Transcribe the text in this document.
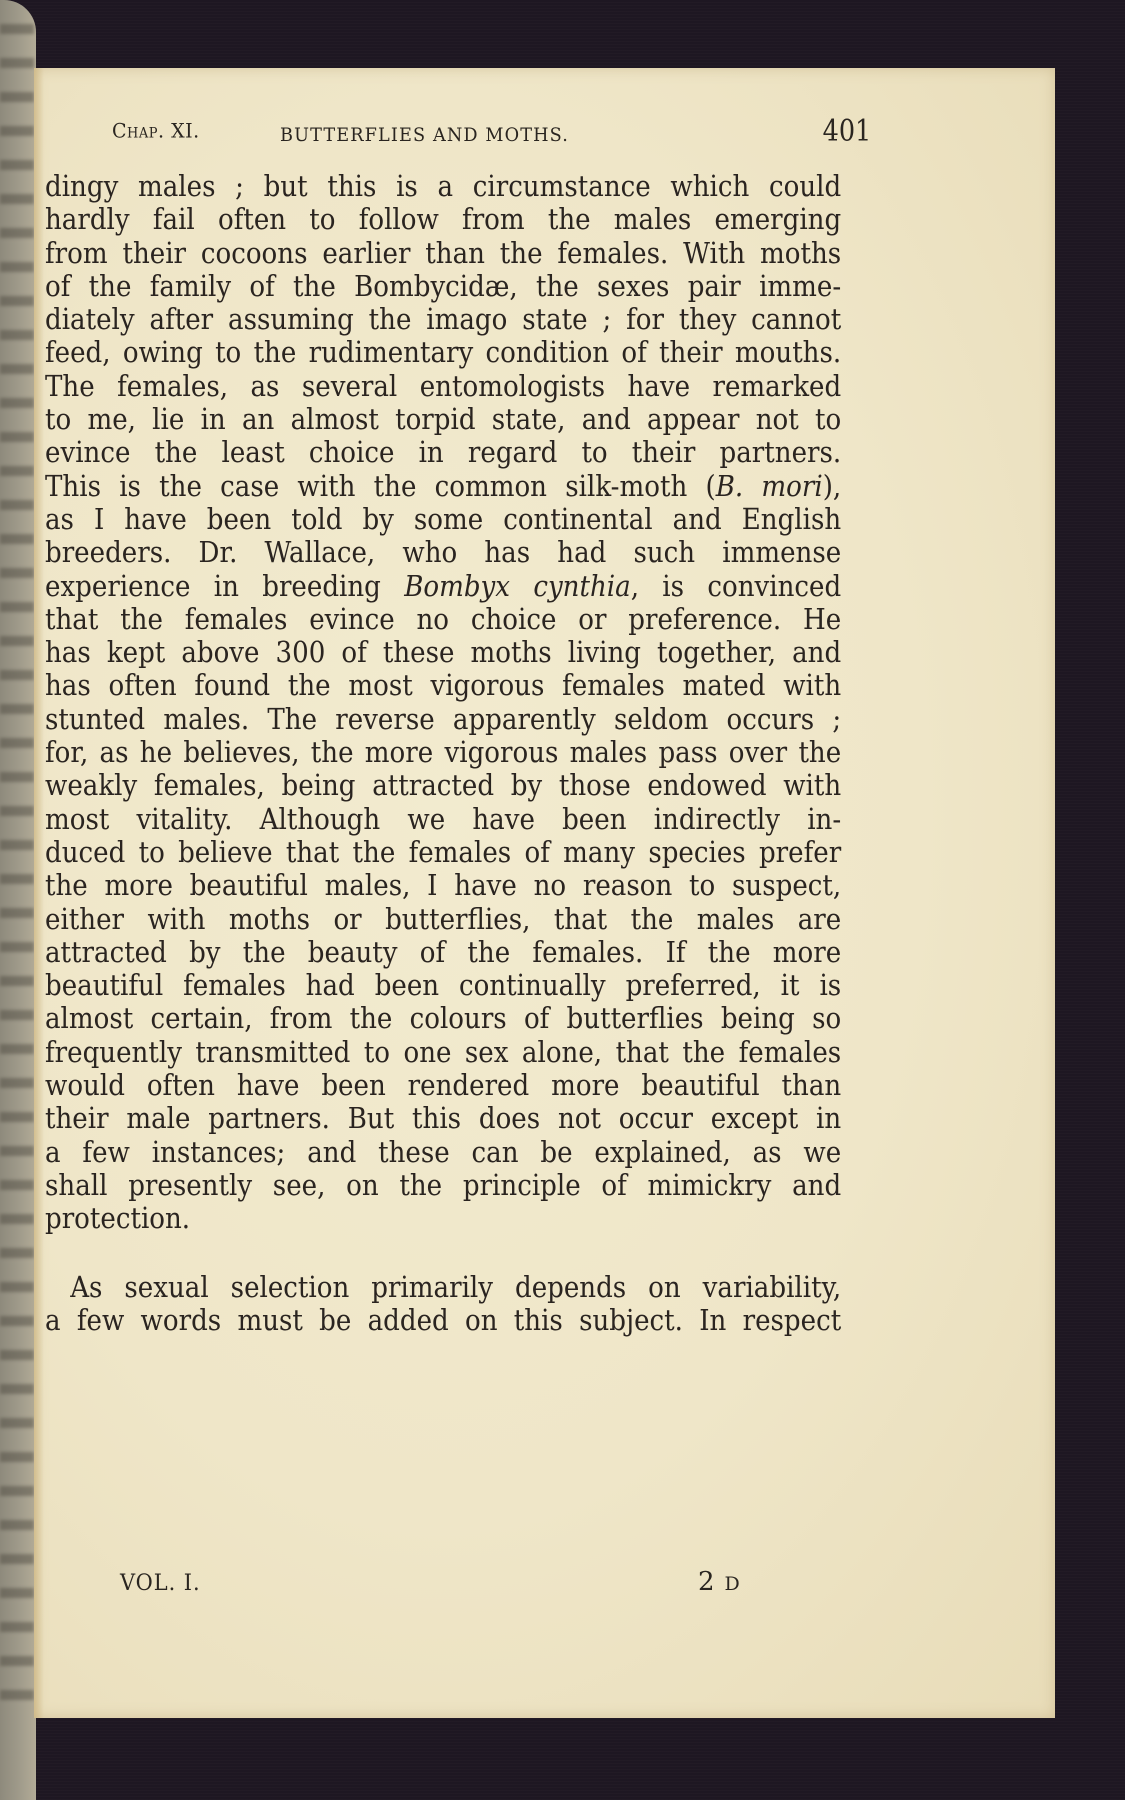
Chap. XI.	BUTTERFLIES AND MOTHS.	401
dingy males ; but this is a circumstance which could
hardly fail often to follow from the males emerging
from their cocoons earlier than the females. With moths
of the family of the Bombycidæ, the sexes pair imme-
diately after assuming the imago state ; for they cannot
feed, owing to the rudimentary condition of their mouths.
The females, as several entomologists have remarked
to me, lie in an almost torpid state, and appear not to
evince the least choice in regard to their partners.
This is the case with the common silk-moth (B. mori),
as I have been told by some continental and English
breeders. Dr. Wallace, who has had such immense
experience in breeding Bombyx cynthia, is convinced
that the females evince no choice or preference. He
has kept above 300 of these moths living together, and
has often found the most vigorous females mated with
stunted males. The reverse apparently seldom occurs ;
for, as he believes, the more vigorous males pass over the
weakly females, being attracted by those endowed with
most vitality. Although we have been indirectly in-
duced to believe that the females of many species prefer
the more beautiful males, I have no reason to suspect,
either with moths or butterflies, that the males are
attracted by the beauty of the females. If the more
beautiful females had been continually preferred, it is
almost certain, from the colours of butterflies being so
frequently transmitted to one sex alone, that the females
would often have been rendered more beautiful than
their male partners. But this does not occur except in
a few instances; and these can be explained, as we
shall presently see, on the principle of mimickry and
protection.
As sexual selection primarily depends on variability,
a few words must be added on this subject. In respect
VOL. I.	2 D
